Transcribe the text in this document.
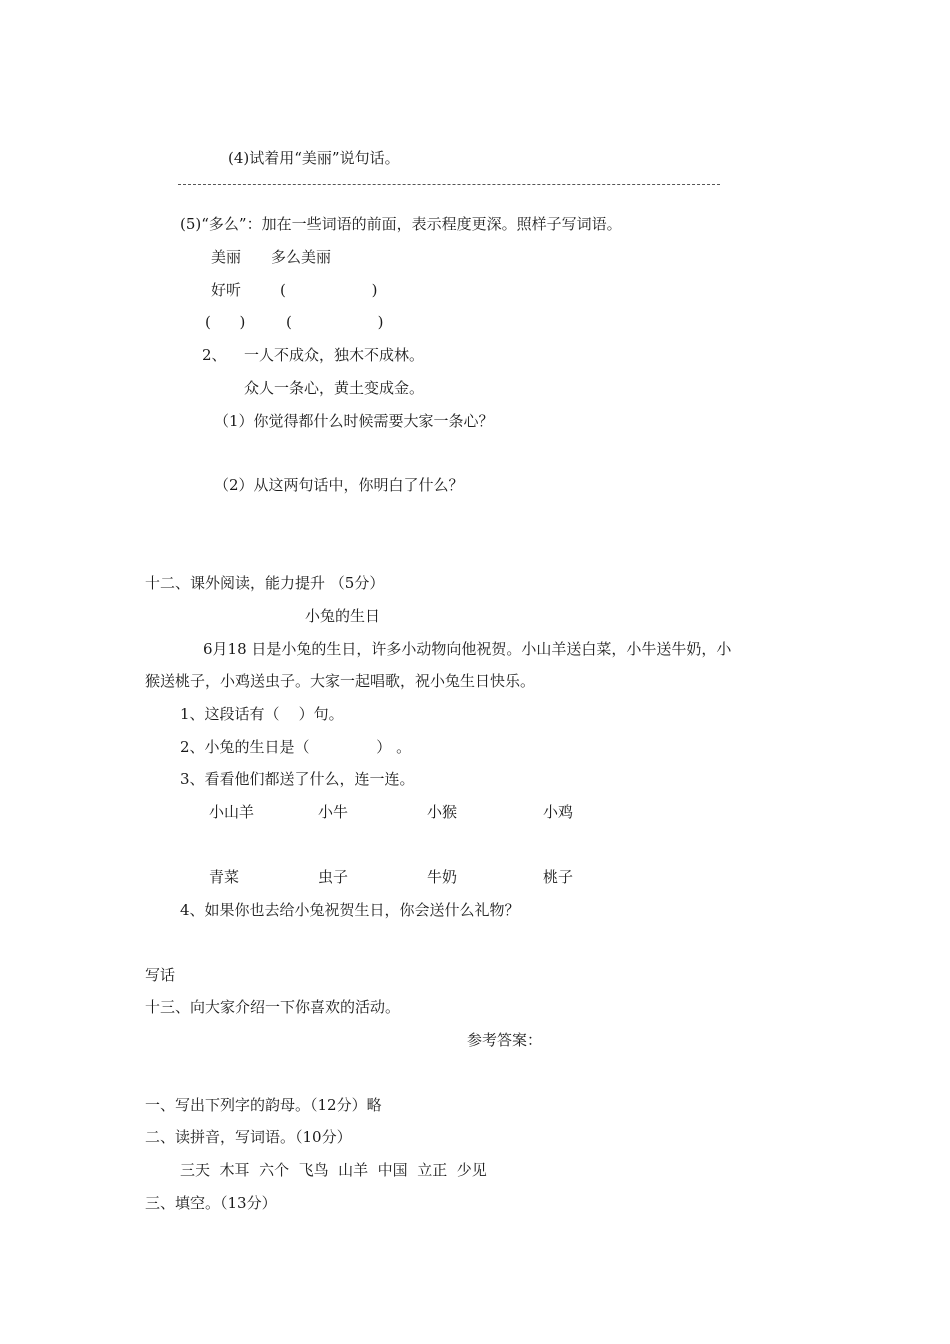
(4)试着用“美丽”说句话。
(5)“多么”：加在一些词语的前面，表示程度更深。照样子写词语。
美丽 多么美丽
好听	(                  )
(      )	(                  )
2、 一人不成众，独木不成林。
众人一条心，黄土变成金。
（1）你觉得都什么时候需要大家一条心？
（2）从这两句话中，你明白了什么？
十二、课外阅读，能力提升 （5分）
小兔的生日
6月18 日是小兔的生日，许多小动物向他祝贺。小山羊送白菜，小牛送牛奶，小
猴送桃子，小鸡送虫子。大家一起唱歌，祝小兔生日快乐。
1、这段话有（    ）句。
2、小兔的生日是（              ） 。
3、看看他们都送了什么，连一连。
小山羊	小牛	小猴	小鸡
青菜	虫子	牛奶	桃子
4、如果你也去给小兔祝贺生日，你会送什么礼物？
写话
十三、向大家介绍一下你喜欢的活动。
参考答案：
一、写出下列字的韵母。（12分）略
二、读拼音，写词语。（10分）
三天  木耳  六个  飞鸟  山羊  中国  立正  少见
三、填空。（13分）
